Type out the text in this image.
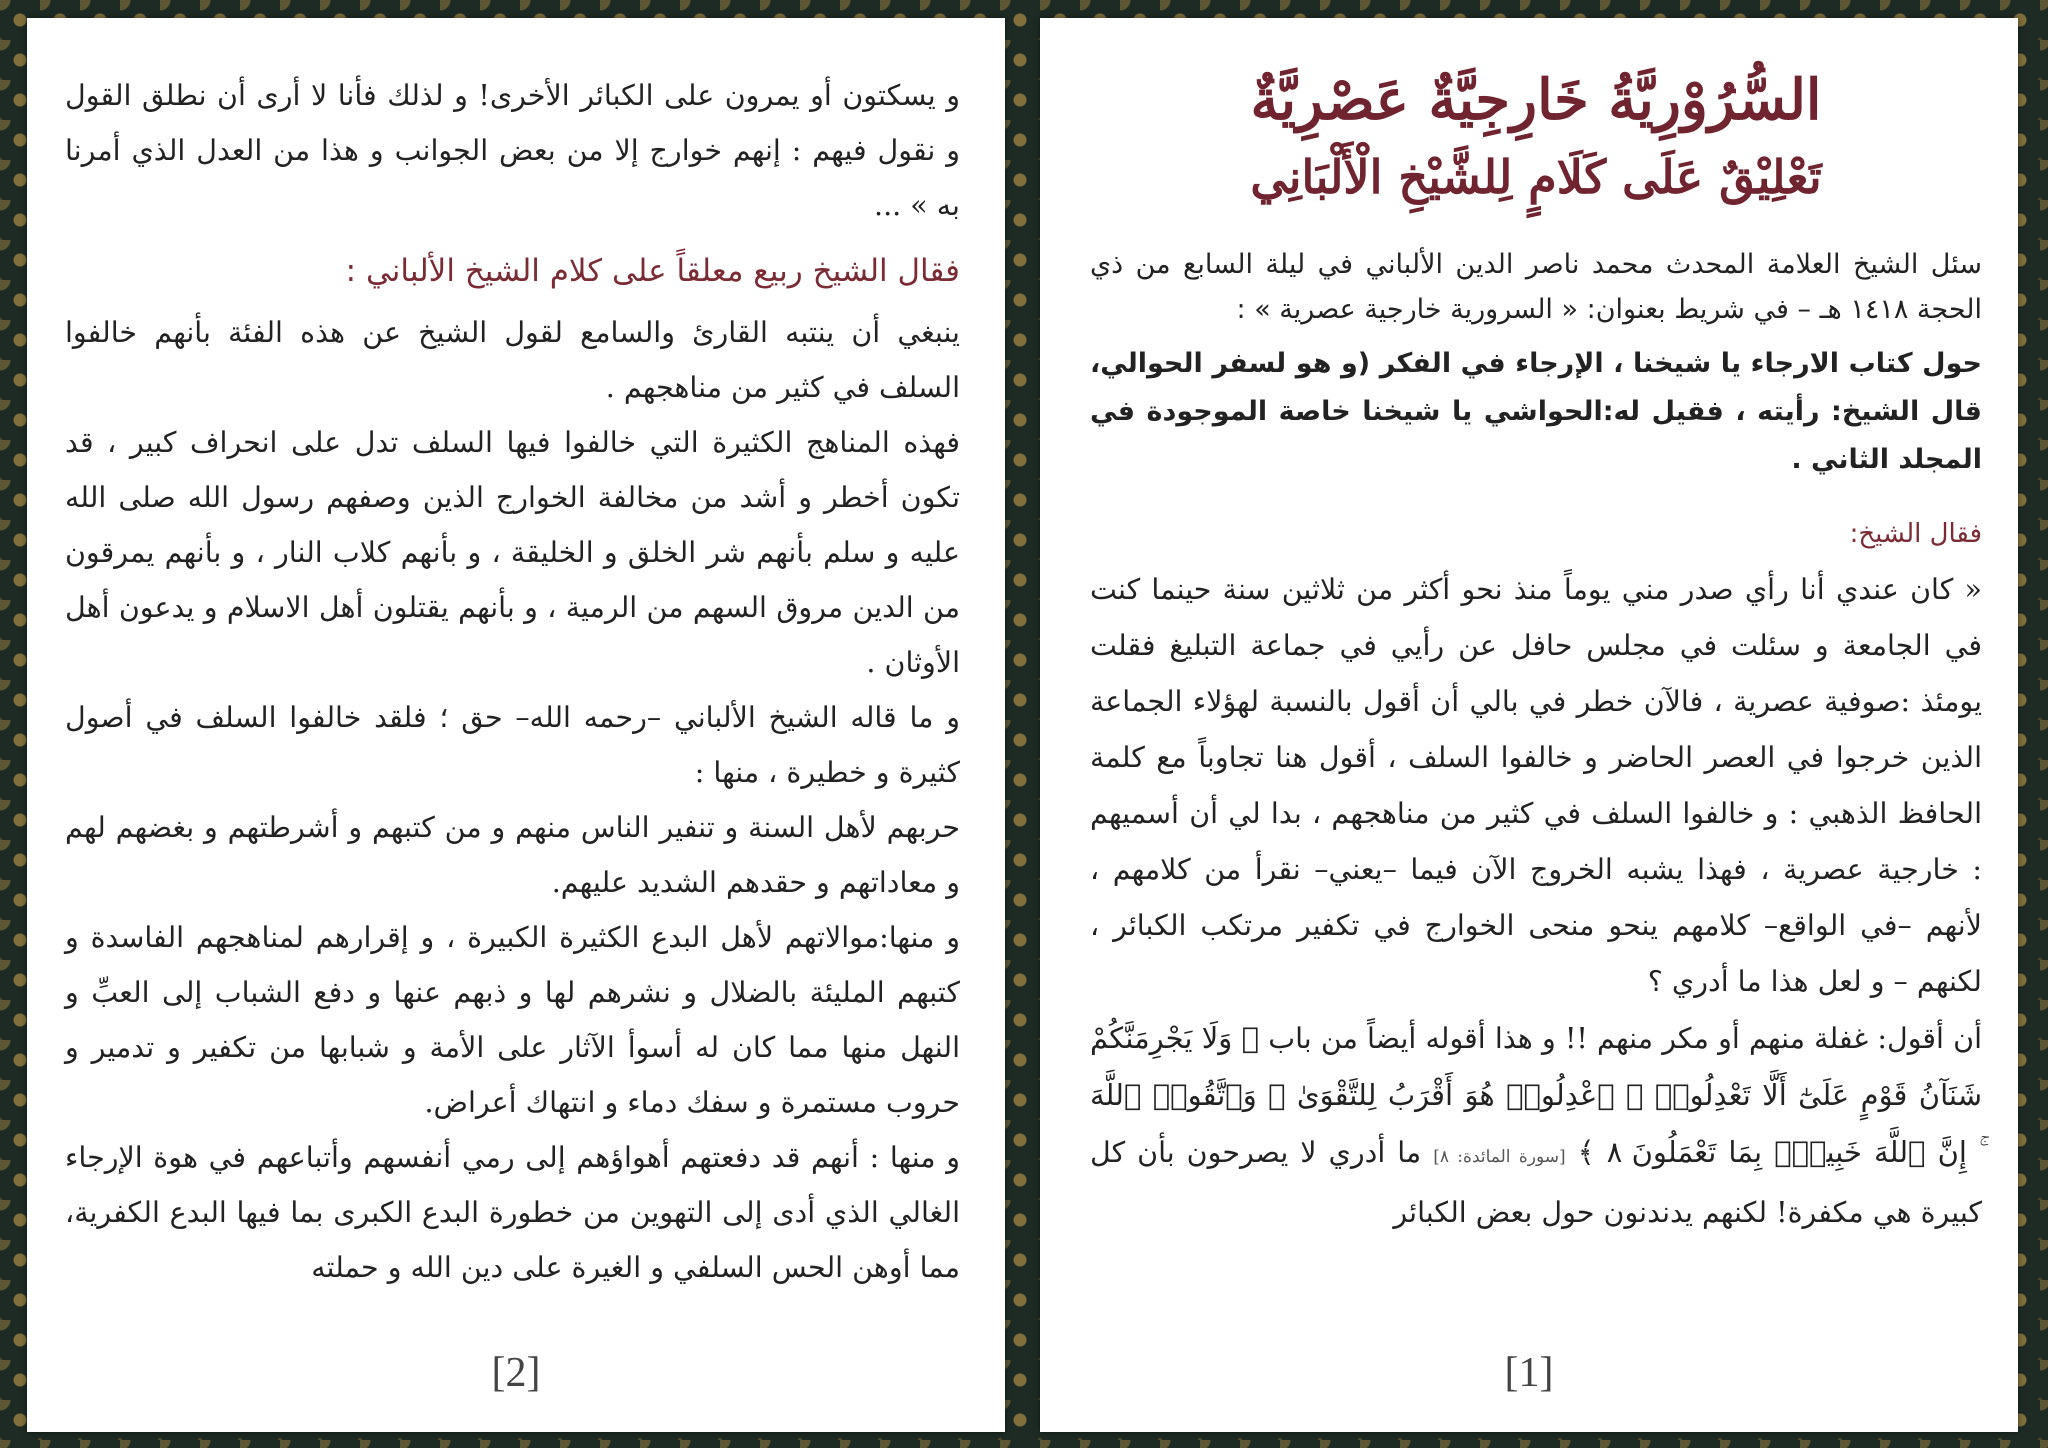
و يسكتون أو يمرون على الكبائر الأخرى! و لذلك فأنا لا أرى أن نطلق القول و نقول فيهم : إنهم خوارج إلا من بعض الجوانب و هذا من العدل الذي أمرنا به » ...

فقال الشيخ ربيع معلقاً على كلام الشيخ الألباني :

ينبغي أن ينتبه القارئ والسامع لقول الشيخ عن هذه الفئة بأنهم خالفوا السلف في كثير من مناهجهم .

فهذه المناهج الكثيرة التي خالفوا فيها السلف تدل على انحراف كبير ، قد تكون أخطر و أشد من مخالفة الخوارج الذين وصفهم رسول الله صلى الله عليه و سلم بأنهم شر الخلق و الخليقة ، و بأنهم كلاب النار ، و بأنهم يمرقون من الدين مروق السهم من الرمية ، و بأنهم يقتلون أهل الاسلام و يدعون أهل الأوثان .

و ما قاله الشيخ الألباني –رحمه الله– حق ؛ فلقد خالفوا السلف في أصول كثيرة و خطيرة ، منها :

حربهم لأهل السنة و تنفير الناس منهم و من كتبهم و أشرطتهم و بغضهم لهم و معاداتهم و حقدهم الشديد عليهم.

و منها:موالاتهم لأهل البدع الكثيرة الكبيرة ، و إقرارهم لمناهجهم الفاسدة و كتبهم المليئة بالضلال و نشرهم لها و ذبهم عنها و دفع الشباب إلى العبِّ و النهل منها مما كان له أسوأ الآثار على الأمة و شبابها من تكفير و تدمير و حروب مستمرة و سفك دماء و انتهاك أعراض.

و منها : أنهم قد دفعتهم أهواؤهم إلى رمي أنفسهم وأتباعهم في هوة الإرجاء الغالي الذي أدى إلى التهوين من خطورة البدع الكبرى بما فيها البدع الكفرية، مما أوهن الحس السلفي و الغيرة على دين الله و حملته

[2]

السُّرُوْرِيَّةُ خَارِجِيَّةٌ عَصْرِيَّةٌ

تَعْلِيْقٌ عَلَى كَلَامٍ لِلشَّيْخِ الْأَلْبَانِي

سئل الشيخ العلامة المحدث محمد ناصر الدين الألباني في ليلة السابع من ذي الحجة ١٤١٨ هـ – في شريط بعنوان: « السرورية خارجية عصرية » :

حول كتاب الارجاء يا شيخنا ، الإرجاء في الفكر (و هو لسفر الحوالي، قال الشيخ: رأيته ، فقيل له:الحواشي يا شيخنا خاصة الموجودة في المجلد الثاني .

فقال الشيخ:

« كان عندي أنا رأي صدر مني يوماً منذ نحو أكثر من ثلاثين سنة حينما كنت في الجامعة و سئلت في مجلس حافل عن رأيي في جماعة التبليغ فقلت يومئذ :صوفية عصرية ، فالآن خطر في بالي أن أقول بالنسبة لهؤلاء الجماعة الذين خرجوا في العصر الحاضر و خالفوا السلف ، أقول هنا تجاوباً مع كلمة الحافظ الذهبي : و خالفوا السلف في كثير من مناهجهم ، بدا لي أن أسميهم : خارجية عصرية ، فهذا يشبه الخروج الآن فيما –يعني– نقرأ من كلامهم ، لأنهم –في الواقع– كلامهم ينحو منحى الخوارج في تكفير مرتكب الكبائر ، لكنهم – و لعل هذا ما أدري ؟

أن أقول: غفلة منهم أو مكر منهم !! و هذا أقوله أيضاً من باب ﴿ وَلَا يَجْرِمَنَّكُمْ شَنَآنُ قَوْمٍ عَلَىٰٓ أَلَّا تَعْدِلُوا۟ ۚ ٱعْدِلُوا۟ هُوَ أَقْرَبُ لِلتَّقْوَىٰ ۖ وَٱتَّقُوا۟ ٱللَّهَ ۚ إِنَّ ٱللَّهَ خَبِيرٌۢ بِمَا تَعْمَلُونَ ٨ ﴾ [سورة المائدة: ٨] ما أدري لا يصرحون بأن كل كبيرة هي مكفرة! لكنهم يدندنون حول بعض الكبائر

[1]
